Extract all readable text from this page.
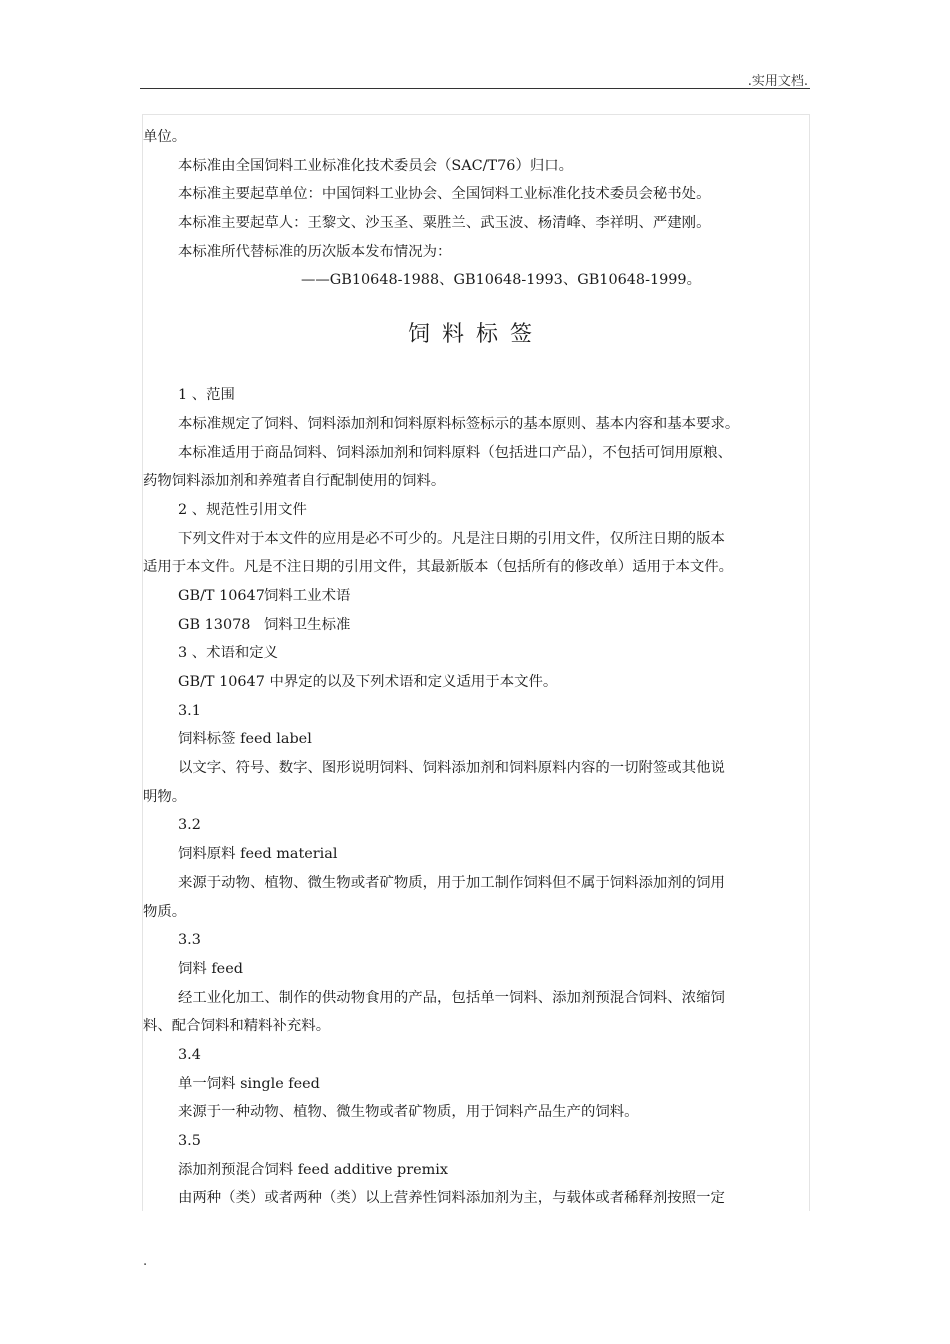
.实用文档.
单位。
本标准由全国饲料工业标准化技术委员会（SAC/T76）归口。
本标准主要起草单位：中国饲料工业协会、全国饲料工业标准化技术委员会秘书处。
本标准主要起草人：王黎文、沙玉圣、粟胜兰、武玉波、杨清峰、李祥明、严建刚。
本标准所代替标准的历次版本发布情况为：
——GB10648-1988、GB10648-1993、GB10648-1999。
饲料标签
1 、范围
本标准规定了饲料、饲料添加剂和饲料原料标签标示的基本原则、基本内容和基本要求。
本标准适用于商品饲料、饲料添加剂和饲料原料（包括进口产品），不包括可饲用原粮、
药物饲料添加剂和养殖者自行配制使用的饲料。
2 、规范性引用文件
下列文件对于本文件的应用是必不可少的。凡是注日期的引用文件，仅所注日期的版本
适用于本文件。凡是不注日期的引用文件，其最新版本（包括所有的修改单）适用于本文件。
GB/T 10647饲料工业术语
GB 13078 饲料卫生标准
3 、术语和定义
GB/T 10647 中界定的以及下列术语和定义适用于本文件。
3.1
饲料标签 feed label
以文字、符号、数字、图形说明饲料、饲料添加剂和饲料原料内容的一切附签或其他说
明物。
3.2
饲料原料 feed material
来源于动物、植物、微生物或者矿物质，用于加工制作饲料但不属于饲料添加剂的饲用
物质。
3.3
饲料 feed
经工业化加工、制作的供动物食用的产品，包括单一饲料、添加剂预混合饲料、浓缩饲
料、配合饲料和精料补充料。
3.4
单一饲料 single feed
来源于一种动物、植物、微生物或者矿物质，用于饲料产品生产的饲料。
3.5
添加剂预混合饲料 feed additive premix
由两种（类）或者两种（类）以上营养性饲料添加剂为主，与载体或者稀释剂按照一定
.
